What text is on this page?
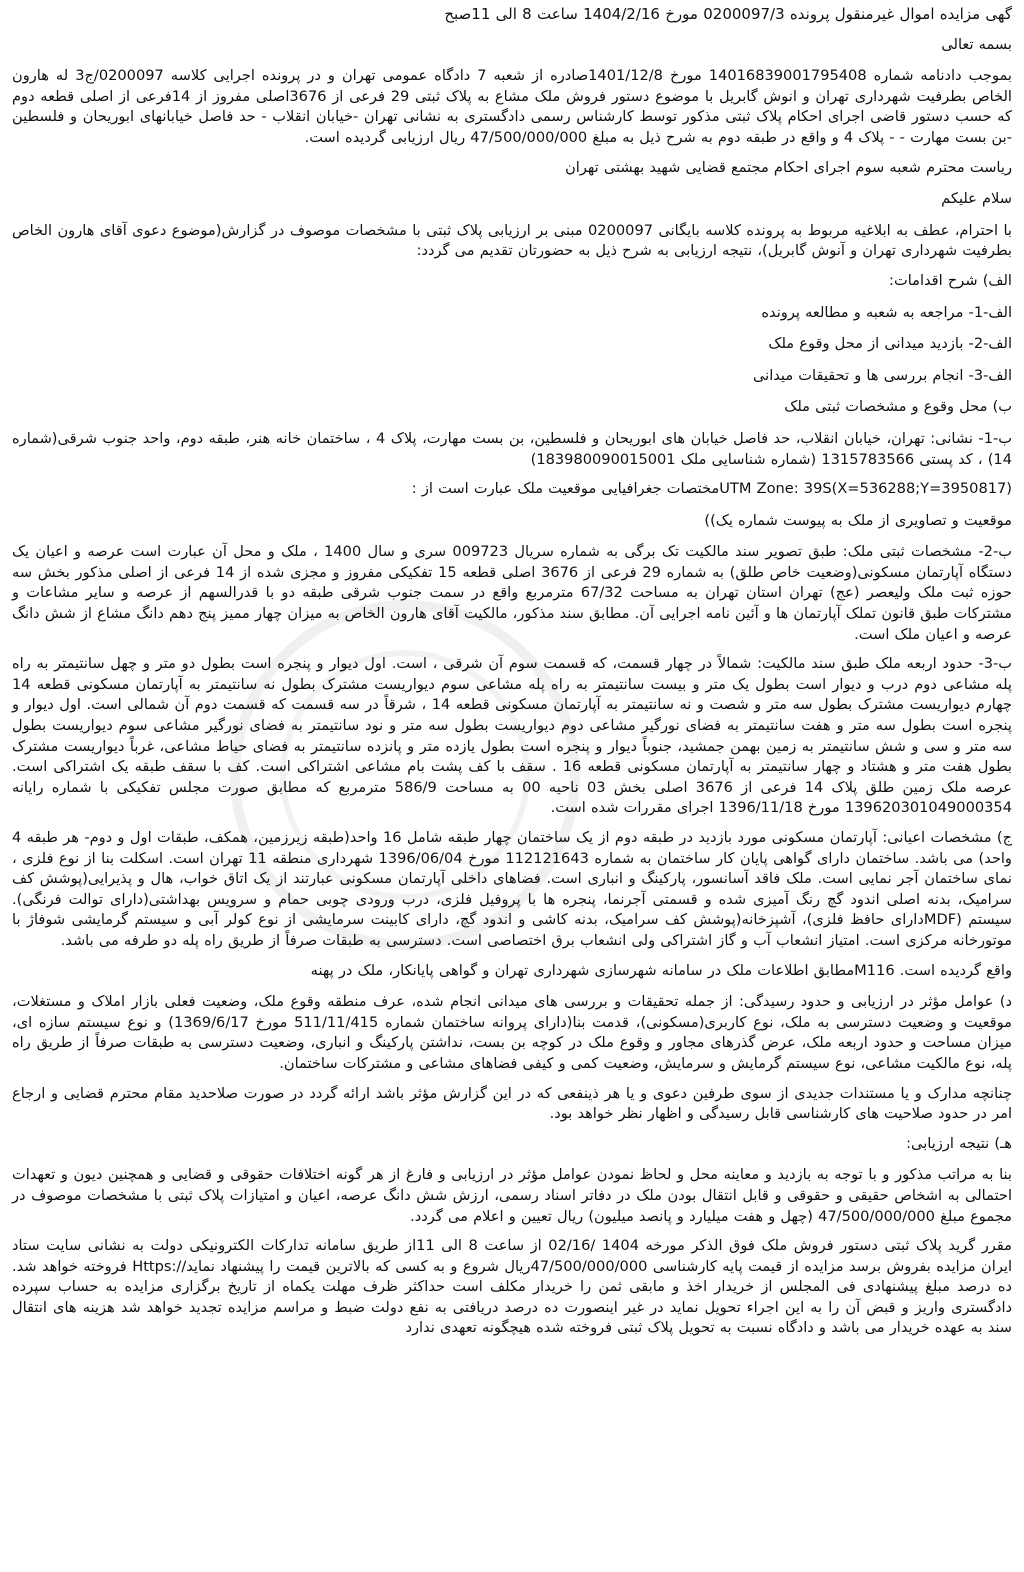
گهی مزایده اموال غیرمنقول پرونده 0200097/3 مورخ 1404/2/16 ساعت 8 الی 11صبح

بسمه تعالی

بموجب دادنامه شماره 14016839001795408 مورخ 1401/12/8صادره از شعبه 7 دادگاه عمومی تهران و در پرونده اجرایی کلاسه 0200097/ج3 له هارون الخاص بطرفیت شهرداری تهران و انوش گابریل با موضوع دستور فروش ملک مشاع به پلاک ثبتی 29 فرعی از 3676اصلی مفروز از 14فرعی از اصلی قطعه دوم که حسب دستور قاضی اجرای احکام پلاک ثبتی مذکور توسط کارشناس رسمی دادگستری به نشانی تهران -خیابان انقلاب - حد فاصل خیابانهای ابوریحان و فلسطین -بن بست مهارت - - پلاک 4 و واقع در طبقه دوم به شرح ذیل به مبلغ 47/500/000/000 ریال ارزیابی گردیده است.

ریاست محترم شعبه سوم اجرای احکام مجتمع قضایی شهید بهشتی تهران

سلام علیکم

با احترام، عطف به ابلاغیه مربوط به پرونده کلاسه بایگانی 0200097 مبنی بر ارزیابی پلاک ثبتی با مشخصات موصوف در گزارش(موضوع دعوی آقای هارون الخاص بطرفیت شهرداری تهران و آنوش گابریل)، نتیجه ارزیابی به شرح ذیل به حضورتان تقدیم می گردد:

الف) شرح اقدامات:

الف-1- مراجعه به شعبه و مطالعه پرونده

الف-2- بازدید میدانی از محل وقوع ملک

الف-3- انجام بررسی ها و تحقیقات میدانی

ب) محل وقوع و مشخصات ثبتی ملک

ب-1- نشانی: تهران، خیابان انقلاب، حد فاصل خیابان های ابوریحان و فلسطین، بن بست مهارت، پلاک 4 ، ساختمان خانه هنر، طبقه دوم، واحد جنوب شرقی(شماره 14) ، کد پستی 1315783566 (شماره شناسایی ملک 183980090015001)

UTM Zone: 39S(X=536288;Y=3950817)مختصات جغرافیایی موقعیت ملک عبارت است از :

موقعیت و تصاویری از ملک به پیوست شماره یک))

ب-2- مشخصات ثبتی ملک: طبق تصویر سند مالکیت تک برگی به شماره سریال 009723 سری و سال 1400 ، ملک و محل آن عبارت است عرصه و اعیان یک دستگاه آپارتمان مسکونی(وضعیت خاص طلق) به شماره 29 فرعی از 3676 اصلی قطعه 15 تفکیکی مفروز و مجزی شده از 14 فرعی از اصلی مذکور بخش سه حوزه ثبت ملک ولیعصر (عج) تهران استان تهران به مساحت 67/32 مترمربع واقع در سمت جنوب شرقی طبقه دو با قدرالسهم از عرصه و سایر مشاعات و مشترکات طبق قانون تملک آپارتمان ها و آئین نامه اجرایی آن. مطابق سند مذکور، مالکیت آقای هارون الخاص به میزان چهار ممیز پنج دهم دانگ مشاع از شش دانگ عرصه و اعیان ملک است.

ب-3- حدود اربعه ملک طبق سند مالکیت: شمالاً در چهار قسمت، که قسمت سوم آن شرقی ، است. اول دیوار و پنجره است بطول دو متر و چهل سانتیمتر به راه پله مشاعی دوم درب و دیوار است بطول یک متر و بیست سانتیمتر به راه پله مشاعی سوم دیواریست مشترک بطول نه سانتیمتر به آپارتمان مسکونی قطعه 14 چهارم دیواریست مشترک بطول سه متر و شصت و نه سانتیمتر به آپارتمان مسکونی قطعه 14 ، شرقاً در سه قسمت که قسمت دوم آن شمالی است. اول دیوار و پنجره است بطول سه متر و هفت سانتیمتر به فضای نورگیر مشاعی دوم دیواریست بطول سه متر و نود سانتیمتر به فضای نورگیر مشاعی سوم دیواریست بطول سه متر و سی و شش سانتیمتر به زمین بهمن جمشید، جنوباً دیوار و پنجره است بطول یازده متر و پانزده سانتیمتر به فضای حیاط مشاعی، غرباً دیواریست مشترک بطول هفت متر و هشتاد و چهار سانتیمتر به آپارتمان مسکونی قطعه 16 . سقف با کف پشت بام مشاعی اشتراکی است. کف با سقف طبقه یک اشتراکی است. عرصه ملک زمین طلق پلاک 14 فرعی از 3676 اصلی بخش 03 ناحیه 00 به مساحت 586/9 مترمربع که مطابق صورت مجلس تفکیکی با شماره رایانه 139620301049000354 مورخ 1396/11/18 اجرای مقررات شده است.

ج) مشخصات اعیانی: آپارتمان مسکونی مورد بازدید در طبقه دوم از یک ساختمان چهار طبقه شامل 16 واحد(طبقه زیرزمین، همکف، طبقات اول و دوم- هر طبقه 4 واحد) می باشد. ساختمان دارای گواهی پایان کار ساختمان به شماره 112121643 مورخ 1396/06/04 شهرداری منطقه 11 تهران است. اسکلت بنا از نوع فلزی ، نمای ساختمان آجر نمایی است. ملک فاقد آسانسور، پارکینگ و انباری است. فضاهای داخلی آپارتمان مسکونی عبارتند از یک اتاق خواب، هال و پذیرایی(پوشش کف سرامیک، بدنه اصلی اندود گچ رنگ آمیزی شده و قسمتی آجرنما، پنجره ها با پروفیل فلزی، درب ورودی چوبی حمام و سرویس بهداشتی(دارای توالت فرنگی). سیستم (MDFدارای حافظ فلزی)، آشپزخانه(پوشش کف سرامیک، بدنه کاشی و اندود گچ، دارای کابینت سرمایشی از نوع کولر آبی و سیستم گرمایشی شوفاژ با موتورخانه مرکزی است. امتیاز انشعاب آب و گاز اشتراکی ولی انشعاب برق اختصاصی است. دسترسی به طبقات صرفاً از طریق راه پله دو طرفه می باشد.

واقع گردیده است. M116مطابق اطلاعات ملک در سامانه شهرسازی شهرداری تهران و گواهی پایانکار، ملک در پهنه

د) عوامل مؤثر در ارزیابی و حدود رسیدگی: از جمله تحقیقات و بررسی های میدانی انجام شده، عرف منطقه وقوع ملک، وضعیت فعلی بازار املاک و مستغلات، موقعیت و وضعیت دسترسی به ملک، نوع کاربری(مسکونی)، قدمت بنا(دارای پروانه ساختمان شماره 511/11/415 مورخ 1369/6/17) و نوع سیستم سازه ای، میزان مساحت و حدود اربعه ملک، عرض گذرهای مجاور و وقوع ملک در کوچه بن بست، نداشتن پارکینگ و انباری، وضعیت دسترسی به طبقات صرفاً از طریق راه پله، نوع مالکیت مشاعی، نوع سیستم گرمایش و سرمایش، وضعیت کمی و کیفی فضاهای مشاعی و مشترکات ساختمان.

چنانچه مدارک و یا مستندات جدیدی از سوی طرفین دعوی و یا هر ذینفعی که در این گزارش مؤثر باشد ارائه گردد در صورت صلاحدید مقام محترم قضایی و ارجاع امر در حدود صلاحیت های کارشناسی قابل رسیدگی و اظهار نظر خواهد بود.

هـ) نتیجه ارزیابی:

بنا به مراتب مذکور و با توجه به بازدید و معاینه محل و لحاظ نمودن عوامل مؤثر در ارزیابی و فارغ از هر گونه اختلافات حقوقی و قضایی و همچنین دیون و تعهدات احتمالی به اشخاص حقیقی و حقوقی و قابل انتقال بودن ملک در دفاتر اسناد رسمی، ارزش شش دانگ عرصه، اعیان و امتیازات پلاک ثبتی با مشخصات موصوف در مجموع مبلغ 47/500/000/000 (چهل و هفت میلیارد و پانصد میلیون) ریال تعیین و اعلام می گردد.

مقرر گرید پلاک ثبتی دستور فروش ملک فوق الذکر مورخه 1404 /02/16 از ساعت 8 الی 11از طریق سامانه تدارکات الکترونیکی دولت به نشانی سایت ستاد ایران مزایده بفروش برسد مزایده از قیمت پایه کارشناسی 47/500/000/000ریال شروع و به کسی که بالاترین قیمت را پیشنهاد نماید//:Https فروخته خواهد شد. ده درصد مبلغ پیشنهادی فی المجلس از خریدار اخذ و مابقی ثمن را خریدار مکلف است حداکثر ظرف مهلت یکماه از تاریخ برگزاری مزایده به حساب سپرده دادگستری واریز و قبض آن را به این اجراء تحویل نماید در غیر اینصورت ده درصد دریافتی به نفع دولت ضبط و مراسم مزایده تجدید خواهد شد هزینه های انتقال سند به عهده خریدار می باشد و دادگاه نسبت به تحویل پلاک ثبتی فروخته شده هیچگونه تعهدی ندارد
